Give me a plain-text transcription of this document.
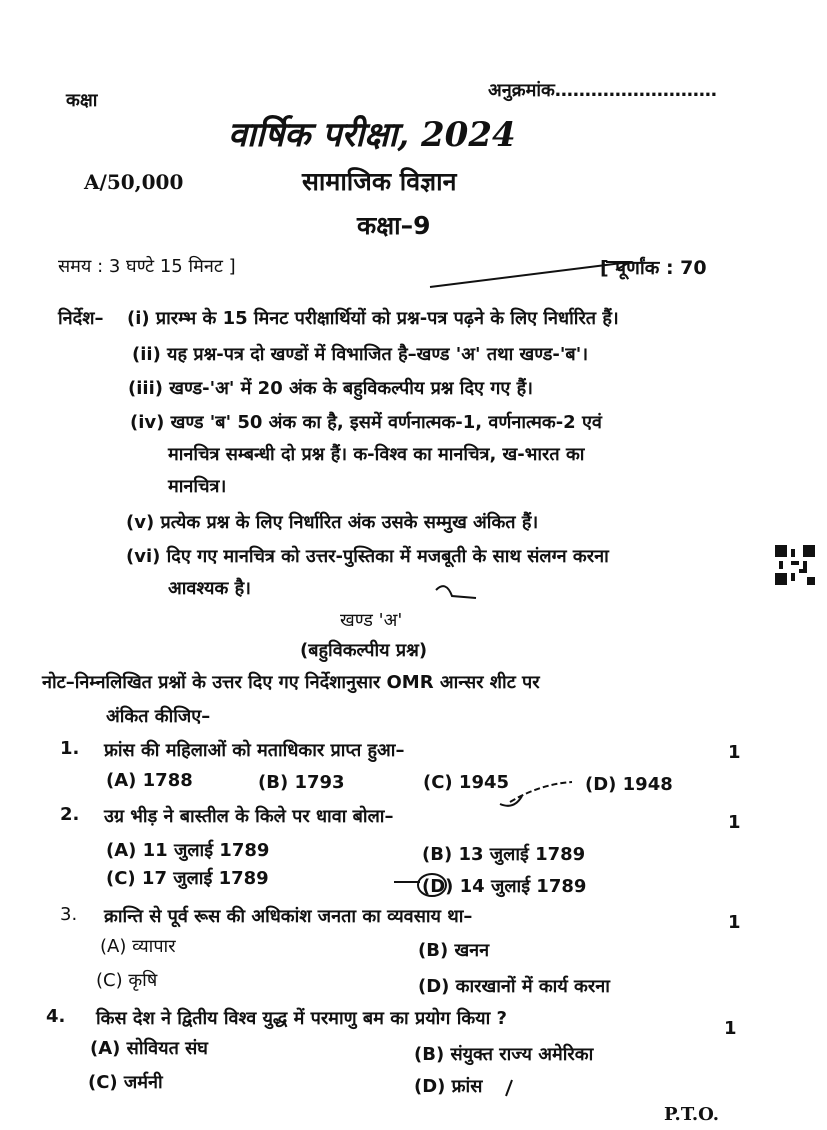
कक्षा	अनुक्रमांक………………………
वार्षिक परीक्षा, 2024
A/50,000	सामाजिक विज्ञान
कक्षा–9
समय : 3 घण्टे 15 मिनट ]	[ पूर्णांक : 70
निर्देश– (i) प्रारम्भ के 15 मिनट परीक्षार्थियों को प्रश्न-पत्र पढ़ने के लिए निर्धारित हैं।
(ii) यह प्रश्न-पत्र दो खण्डों में विभाजित है–खण्ड 'अ' तथा खण्ड-'ब'।
(iii) खण्ड-'अ' में 20 अंक के बहुविकल्पीय प्रश्न दिए गए हैं।
(iv) खण्ड 'ब' 50 अंक का है, इसमें वर्णनात्मक-1, वर्णनात्मक-2 एवं
मानचित्र सम्बन्धी दो प्रश्न हैं। क-विश्व का मानचित्र, ख-भारत का
मानचित्र।
(v) प्रत्येक प्रश्न के लिए निर्धारित अंक उसके सम्मुख अंकित हैं।
(vi) दिए गए मानचित्र को उत्तर-पुस्तिका में मजबूती के साथ संलग्न करना
आवश्यक है।
खण्ड 'अ'
(बहुविकल्पीय प्रश्न)
नोट–निम्नलिखित प्रश्नों के उत्तर दिए गए निर्देशानुसार OMR आन्सर शीट पर
अंकित कीजिए–
1. फ्रांस की महिलाओं को मताधिकार प्राप्त हुआ–	1
(A) 1788	(B) 1793	(C) 1945	(D) 1948
2. उग्र भीड़ ने बास्तील के किले पर धावा बोला–	1
(A) 11 जुलाई 1789	(B) 13 जुलाई 1789
(C) 17 जुलाई 1789	(D) 14 जुलाई 1789
3. क्रान्ति से पूर्व रूस की अधिकांश जनता का व्यवसाय था–	1
(A) व्यापार	(B) खनन
(C) कृषि	(D) कारखानों में कार्य करना
4. किस देश ने द्वितीय विश्व युद्ध में परमाणु बम का प्रयोग किया ?	1
(A) सोवियत संघ	(B) संयुक्त राज्य अमेरिका
(C) जर्मनी	(D) फ्रांस
P.T.O.
